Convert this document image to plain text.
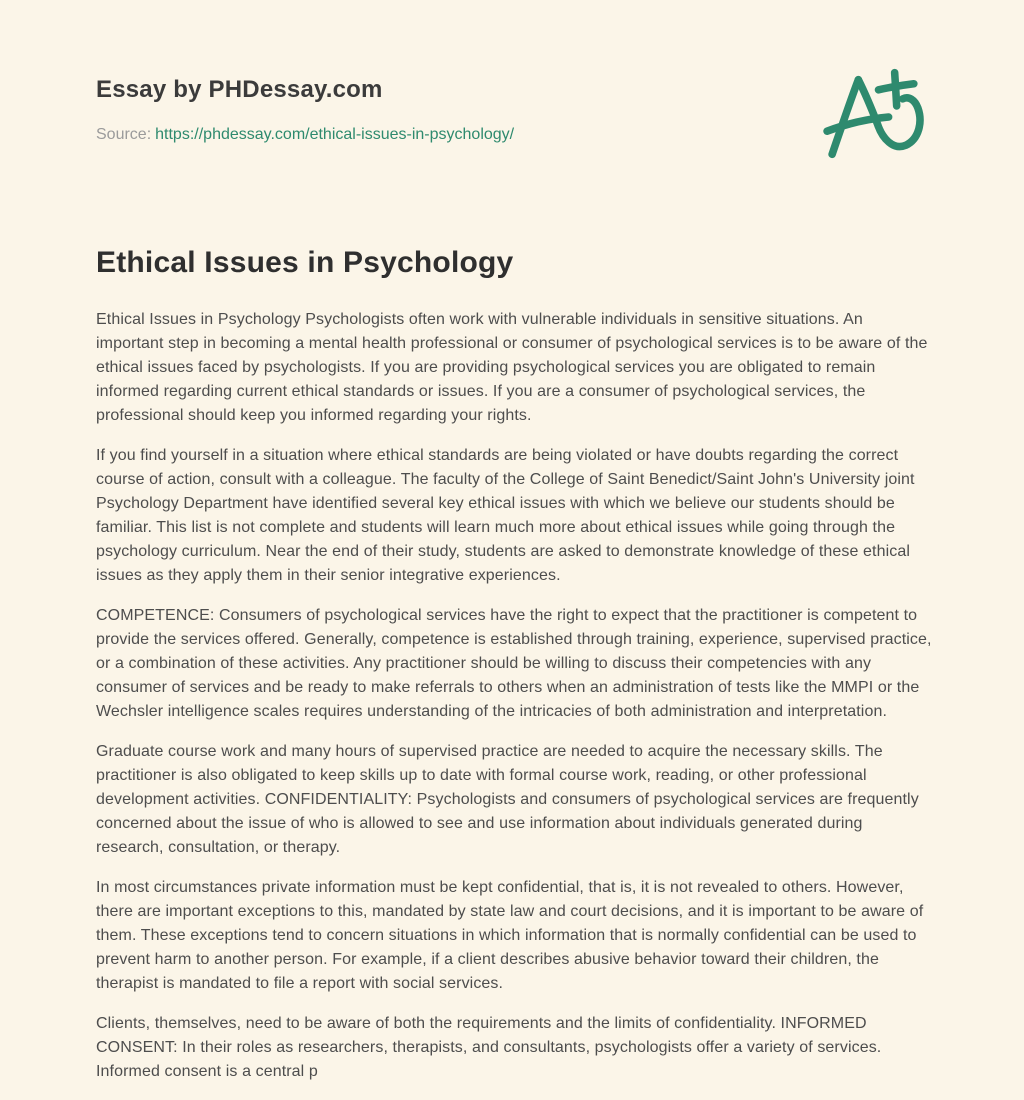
Essay by PHDessay.com
Source: https://phdessay.com/ethical-issues-in-psychology/
Ethical Issues in Psychology

Ethical Issues in Psychology Psychologists often work with vulnerable individuals in sensitive situations. An important step in becoming a mental health professional or consumer of psychological services is to be aware of the ethical issues faced by psychologists. If you are providing psychological services you are obligated to remain informed regarding current ethical standards or issues. If you are a consumer of psychological services, the professional should keep you informed regarding your rights.

If you find yourself in a situation where ethical standards are being violated or have doubts regarding the correct course of action, consult with a colleague. The faculty of the College of Saint Benedict/Saint John's University joint Psychology Department have identified several key ethical issues with which we believe our students should be familiar. This list is not complete and students will learn much more about ethical issues while going through the psychology curriculum. Near the end of their study, students are asked to demonstrate knowledge of these ethical issues as they apply them in their senior integrative experiences.

COMPETENCE: Consumers of psychological services have the right to expect that the practitioner is competent to provide the services offered. Generally, competence is established through training, experience, supervised practice, or a combination of these activities. Any practitioner should be willing to discuss their competencies with any consumer of services and be ready to make referrals to others when an administration of tests like the MMPI or the Wechsler intelligence scales requires understanding of the intricacies of both administration and interpretation.

Graduate course work and many hours of supervised practice are needed to acquire the necessary skills. The practitioner is also obligated to keep skills up to date with formal course work, reading, or other professional development activities. CONFIDENTIALITY: Psychologists and consumers of psychological services are frequently concerned about the issue of who is allowed to see and use information about individuals generated during research, consultation, or therapy.

In most circumstances private information must be kept confidential, that is, it is not revealed to others. However, there are important exceptions to this, mandated by state law and court decisions, and it is important to be aware of them. These exceptions tend to concern situations in which information that is normally confidential can be used to prevent harm to another person. For example, if a client describes abusive behavior toward their children, the therapist is mandated to file a report with social services.

Clients, themselves, need to be aware of both the requirements and the limits of confidentiality. INFORMED CONSENT: In their roles as researchers, therapists, and consultants, psychologists offer a variety of services. Informed consent is a central p
